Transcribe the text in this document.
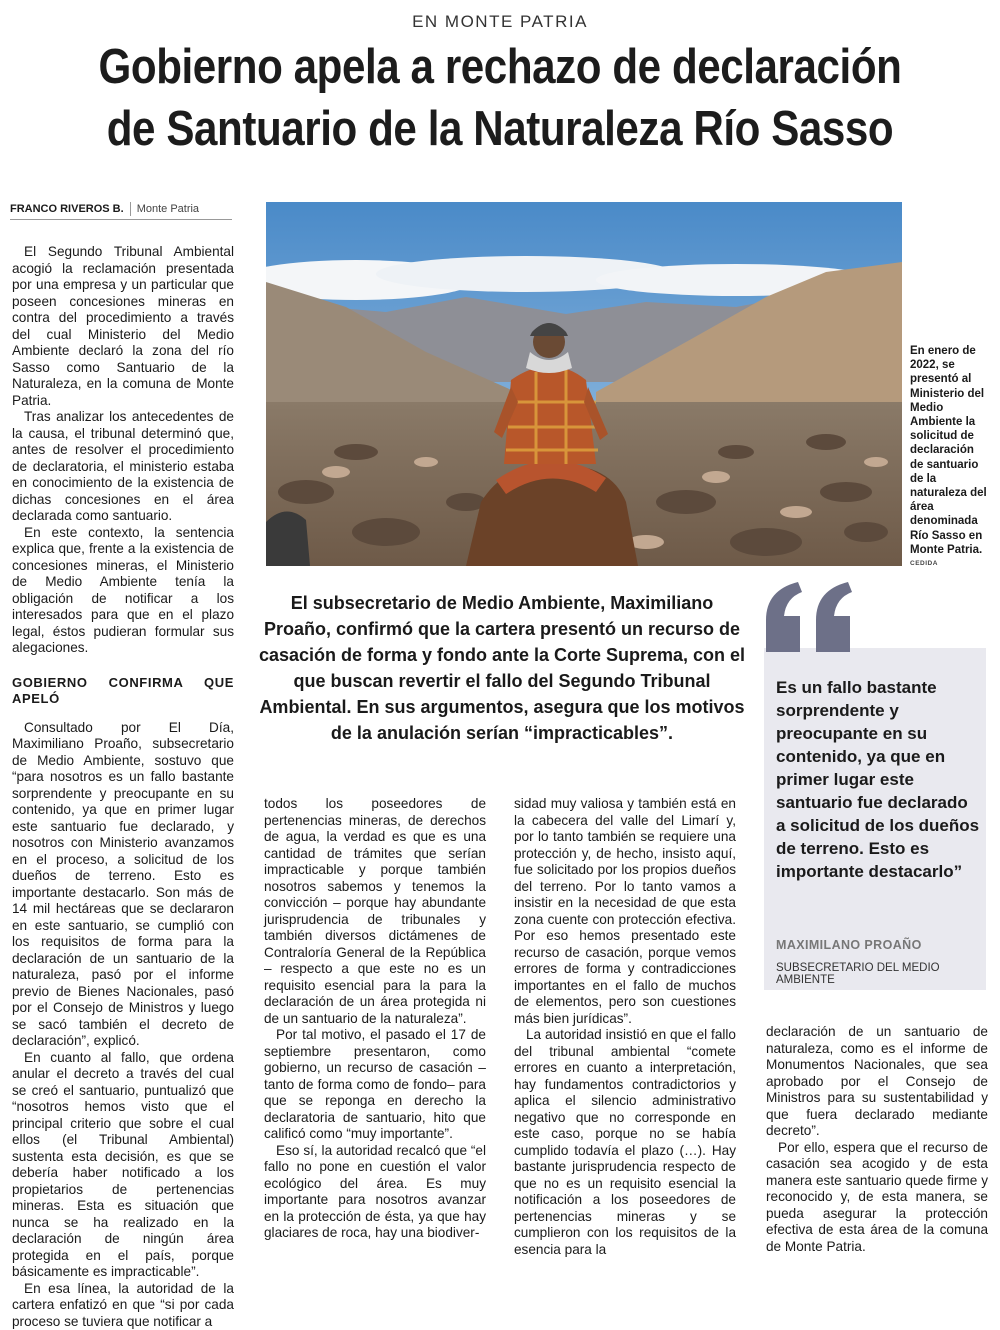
EN MONTE PATRIA
Gobierno apela a rechazo de declaración
de Santuario de la Naturaleza Río Sasso
FRANCO RIVEROS B. Monte Patria

El Segundo Tribunal Ambiental acogió la reclamación presentada por una empresa y un particular que poseen concesiones mineras en contra del procedimiento a través del cual Ministerio del Medio Ambiente declaró la zona del río Sasso como Santuario de la Naturaleza, en la comuna de Monte Patria.

Tras analizar los antecedentes de la causa, el tribunal determinó que, antes de resolver el procedimiento de declaratoria, el ministerio estaba en conocimiento de la existencia de dichas concesiones en el área declarada como santuario.

En este contexto, la sentencia explica que, frente a la existencia de concesiones mineras, el Ministerio de Medio Ambiente tenía la obligación de notificar a los interesados para que en el plazo legal, éstos pudieran formular sus alegaciones.

GOBIERNO CONFIRMA QUE APELÓ

Consultado por El Día, Maximiliano Proaño, subsecretario de Medio Ambiente, sostuvo que “para nosotros es un fallo bastante sorprendente y preocupante en su contenido, ya que en primer lugar este santuario fue declarado, y nosotros con Ministerio avanzamos en el proceso, a solicitud de los dueños de terreno. Esto es importante destacarlo. Son más de 14 mil hectáreas que se declararon en este santuario, se cumplió con los requisitos de forma para la declaración de un santuario de la naturaleza, pasó por el informe previo de Bienes Nacionales, pasó por el Consejo de Ministros y luego se sacó también el decreto de declaración”, explicó.

En cuanto al fallo, que ordena anular el decreto a través del cual se creó el santuario, puntualizó que “nosotros hemos visto que el principal criterio que sobre el cual ellos (el Tribunal Ambiental) sustenta esta decisión, es que se debería haber notificado a los propietarios de pertenencias mineras. Esta es situación que nunca se ha realizado en la declaración de ningún área protegida en el país, porque básicamente es impracticable”.

En esa línea, la autoridad de la cartera enfatizó en que “si por cada proceso se tuviera que notificar a

En enero de 2022, se presentó al Ministerio del Medio Ambiente la solicitud de declaración de santuario de la naturaleza del área denominada Río Sasso en Monte Patria.
CEDIDA
El subsecretario de Medio Ambiente, Maximiliano Proaño, confirmó que la cartera presentó un recurso de casación de forma y fondo ante la Corte Suprema, con el que buscan revertir el fallo del Segundo Tribunal Ambiental. En sus argumentos, asegura que los motivos de la anulación serían “impracticables”.

todos los poseedores de pertenencias mineras, de derechos de agua, la verdad es que es una cantidad de trámites que serían impracticable y porque también nosotros sabemos y tenemos la convicción – porque hay abundante jurisprudencia de tribunales y también diversos dictámenes de Contraloría General de la República – respecto a que este no es un requisito esencial para la para la declaración de un área protegida ni de un santuario de la naturaleza”.

Por tal motivo, el pasado el 17 de septiembre presentaron, como gobierno, un recurso de casación –tanto de forma como de fondo– para que se reponga en derecho la declaratoria de santuario, hito que calificó como “muy importante”.

Eso sí, la autoridad recalcó que “el fallo no pone en cuestión el valor ecológico del área. Es muy importante para nosotros avanzar en la protección de ésta, ya que hay glaciares de roca, hay una biodiver-

sidad muy valiosa y también está en la cabecera del valle del Limarí y, por lo tanto también se requiere una protección y, de hecho, insisto aquí, fue solicitado por los propios dueños del terreno. Por lo tanto vamos a insistir en la necesidad de que esta zona cuente con protección efectiva. Por eso hemos presentado este recurso de casación, porque vemos errores de forma y contradicciones importantes en el fallo de muchos de elementos, pero son cuestiones más bien jurídicas”.

La autoridad insistió en que el fallo del tribunal ambiental “comete errores en cuanto a interpretación, hay fundamentos contradictorios y aplica el silencio administrativo negativo que no corresponde en este caso, porque no se había cumplido todavía el plazo (…). Hay bastante jurisprudencia respecto de que no es un requisito esencial la notificación a los poseedores de pertenencias mineras y se cumplieron con los requisitos de la esencia para la

Es un fallo bastante sorprendente y preocupante en su contenido, ya que en primer lugar este santuario fue declarado a solicitud de los dueños de terreno. Esto es importante destacarlo”
MAXIMILANO PROAÑO
SUBSECRETARIO DEL MEDIO AMBIENTE

declaración de un santuario de naturaleza, como es el informe de Monumentos Nacionales, que sea aprobado por el Consejo de Ministros para su sustentabilidad y que fuera declarado mediante decreto”.

Por ello, espera que el recurso de casación sea acogido y de esta manera este santuario quede firme y reconocido y, de esta manera, se pueda asegurar la protección efectiva de esta área de la comuna de Monte Patria.
